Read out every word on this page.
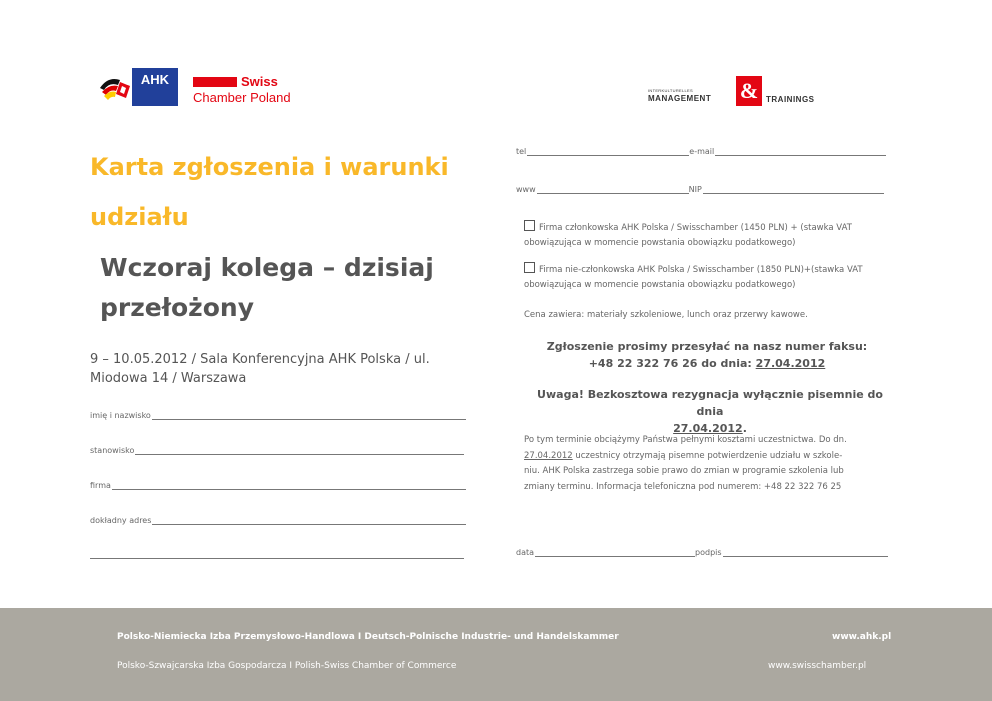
AHK	Swiss
Chamber Poland	INTERKULTURELLES
MANAGEMENT & TRAININGS
Karta zgłoszenia i warunki udziału
Wczoraj kolega – dzisiaj przełożony
9 – 10.05.2012 / Sala Konferencyjna AHK Polska / ul. Miodowa 14 / Warszawa
imię i nazwisko
stanowisko
firma
dokładny adres
tel	e-mail
www	NIP
Firma członkowska AHK Polska / Swisschamber (1450 PLN) + (stawka VAT obowiązująca w momencie powstania obowiązku podatkowego)
Firma nie-członkowska AHK Polska / Swisschamber (1850 PLN)+(stawka VAT obowiązująca w momencie powstania obowiązku podatkowego)
Cena zawiera: materiały szkoleniowe, lunch oraz przerwy kawowe.
Zgłoszenie prosimy przesyłać na nasz numer faksu:
+48 22 322 76 26 do dnia: 27.04.2012
Uwaga! Bezkosztowa rezygnacja wyłącznie pisemnie do dnia
27.04.2012.
Po tym terminie obciążymy Państwa pełnymi kosztami uczestnictwa. Do dn.
27.04.2012 uczestnicy otrzymają pisemne potwierdzenie udziału w szkole-
niu. AHK Polska zastrzega sobie prawo do zmian w programie szkolenia lub
zmiany terminu. Informacja telefoniczna pod numerem: +48 22 322 76 25
data	podpis
Polsko-Niemiecka Izba Przemysłowo-Handlowa I Deutsch-Polnische Industrie- und Handelskammer
Polsko-Szwajcarska Izba Gospodarcza I Polish-Swiss Chamber of Commerce
www.ahk.pl
www.swisschamber.pl
